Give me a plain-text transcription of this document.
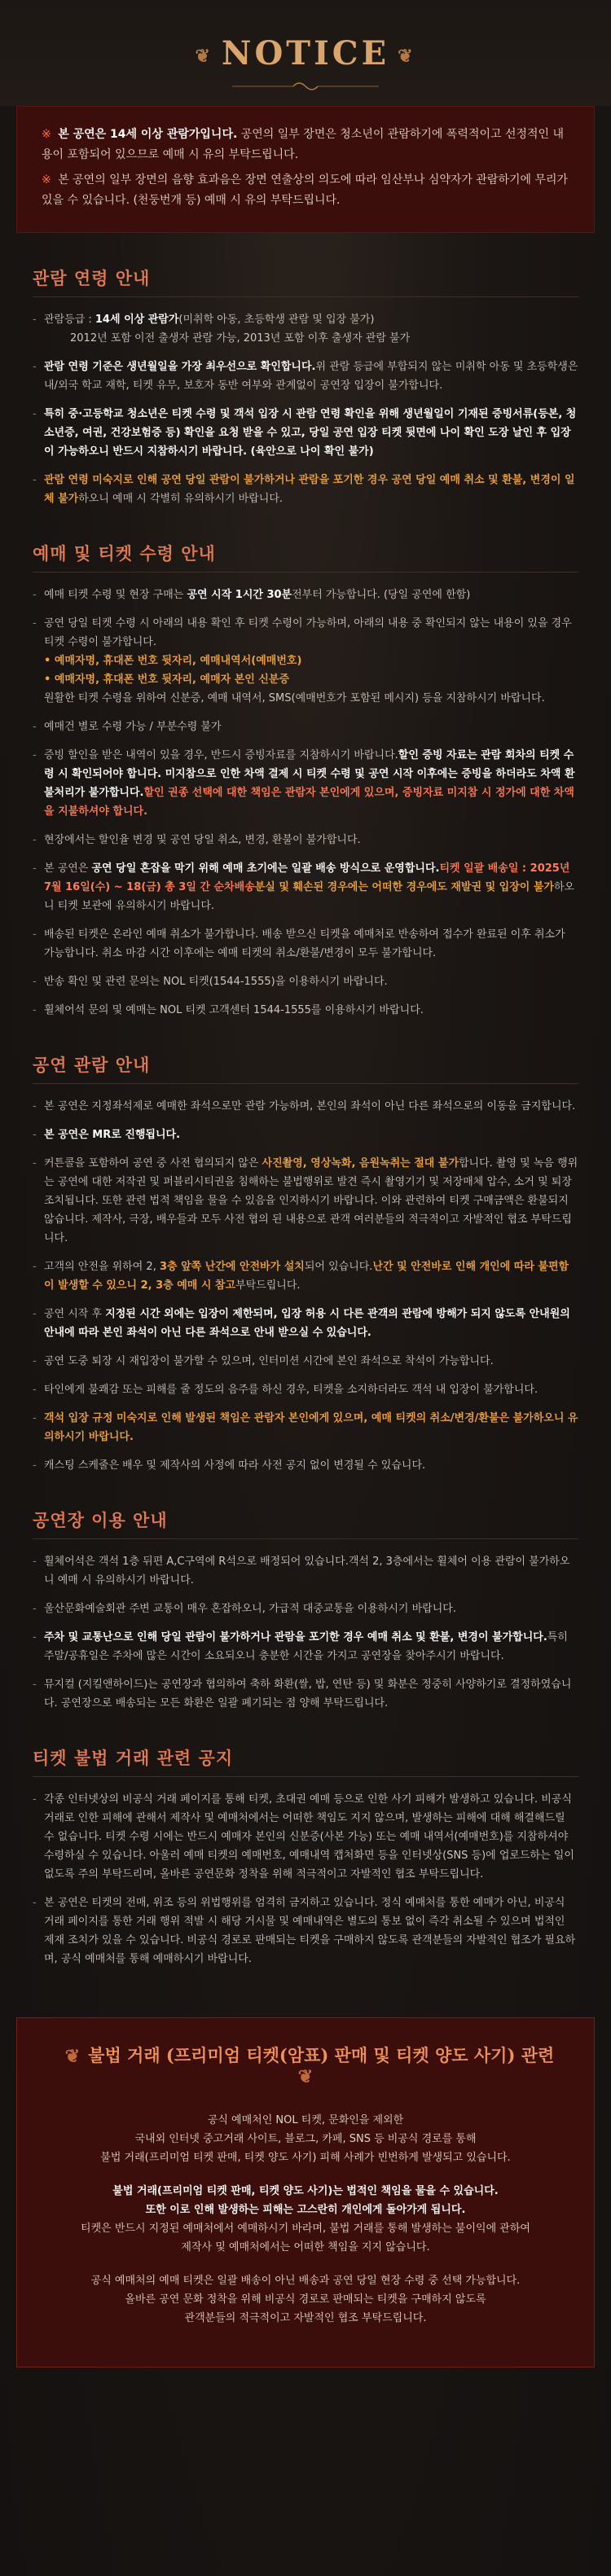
❦ NOTICE ❦

※ 본 공연은 14세 이상 관람가입니다. 공연의 일부 장면은 청소년이 관람하기에 폭력적이고 선정적인 내용이 포함되어 있으므로 예매 시 유의 부탁드립니다.

※ 본 공연의 일부 장면의 음향 효과음은 장면 연출상의 의도에 따라 임산부나 심약자가 관람하기에 무리가 있을 수 있습니다. (천둥번개 등) 예매 시 유의 부탁드립니다.

관람 연령 안내
- 관람등급 : 14세 이상 관람가(미취학 아동, 초등학생 관람 및 입장 불가)
2012년 포함 이전 출생자 관람 가능, 2013년 포함 이후 출생자 관람 불가
- 관람 연령 기준은 생년월일을 가장 최우선으로 확인합니다.위 관람 등급에 부합되지 않는 미취학 아동 및 초등학생은 내/외국 학교 재학, 티켓 유무, 보호자 동반 여부와 관계없이 공연장 입장이 불가합니다.
- 특히 중·고등학교 청소년은 티켓 수령 및 객석 입장 시 관람 연령 확인을 위해 생년월일이 기재된 증빙서류(등본, 청소년증, 여권, 건강보험증 등) 확인을 요청 받을 수 있고, 당일 공연 입장 티켓 뒷면에 나이 확인 도장 날인 후 입장이 가능하오니 반드시 지참하시기 바랍니다. (육안으로 나이 확인 불가)
- 관람 연령 미숙지로 인해 공연 당일 관람이 불가하거나 관람을 포기한 경우 공연 당일 예매 취소 및 환불, 변경이 일체 불가하오니 예매 시 각별히 유의하시기 바랍니다.
예매 및 티켓 수령 안내
- 예매 티켓 수령 및 현장 구매는 공연 시작 1시간 30분전부터 가능합니다. (당일 공연에 한함)
- 공연 당일 티켓 수령 시 아래의 내용 확인 후 티켓 수령이 가능하며, 아래의 내용 중 확인되지 않는 내용이 있을 경우 티켓 수령이 불가합니다.
• 예매자명, 휴대폰 번호 뒷자리, 예매내역서(예매번호)
• 예매자명, 휴대폰 번호 뒷자리, 예매자 본인 신분증
원활한 티켓 수령을 위하여 신분증, 예매 내역서, SMS(예매번호가 포함된 메시지) 등을 지참하시기 바랍니다.
- 예매건 별로 수령 가능 / 부분수령 불가
- 증빙 할인을 받은 내역이 있을 경우, 반드시 증빙자료를 지참하시기 바랍니다.할인 증빙 자료는 관람 회차의 티켓 수령 시 확인되어야 합니다. 미지참으로 인한 차액 결제 시 티켓 수령 및 공연 시작 이후에는 증빙을 하더라도 차액 환불처리가 불가합니다.할인 권종 선택에 대한 책임은 관람자 본인에게 있으며, 증빙자료 미지참 시 정가에 대한 차액을 지불하셔야 합니다.
- 현장에서는 할인율 변경 및 공연 당일 취소, 변경, 환불이 불가합니다.
- 본 공연은 공연 당일 혼잡을 막기 위해 예매 초기에는 일괄 배송 방식으로 운영합니다.티켓 일괄 배송일 : 2025년 7월 16일(수) ~ 18(금) 총 3일 간 순차배송분실 및 훼손된 경우에는 어떠한 경우에도 재발권 및 입장이 불가하오니 티켓 보관에 유의하시기 바랍니다.
- 배송된 티켓은 온라인 예매 취소가 불가합니다. 배송 받으신 티켓을 예매처로 반송하여 접수가 완료된 이후 취소가 가능합니다. 취소 마감 시간 이후에는 예매 티켓의 취소/환불/변경이 모두 불가합니다.
- 반송 확인 및 관련 문의는 NOL 티켓(1544-1555)을 이용하시기 바랍니다.
- 휠체어석 문의 및 예매는 NOL 티켓 고객센터 1544-1555를 이용하시기 바랍니다.
공연 관람 안내
- 본 공연은 지정좌석제로 예매한 좌석으로만 관람 가능하며, 본인의 좌석이 아닌 다른 좌석으로의 이동을 금지합니다.
- 본 공연은 MR로 진행됩니다.
- 커튼콜을 포함하여 공연 중 사전 협의되지 않은 사진촬영, 영상녹화, 음원녹취는 절대 불가합니다. 촬영 및 녹음 행위는 공연에 대한 저작권 및 퍼블리시티권을 침해하는 불법행위로 발견 즉시 촬영기기 및 저장매체 압수, 소거 및 퇴장 조치됩니다. 또한 관련 법적 책임을 물을 수 있음을 인지하시기 바랍니다. 이와 관련하여 티켓 구매금액은 환불되지 않습니다. 제작사, 극장, 배우들과 모두 사전 협의 된 내용으로 관객 여러분들의 적극적이고 자발적인 협조 부탁드립니다.
- 고객의 안전을 위하여 2, 3층 앞쪽 난간에 안전바가 설치되어 있습니다.난간 및 안전바로 인해 개인에 따라 불편함이 발생할 수 있으니 2, 3층 예매 시 참고부탁드립니다.
- 공연 시작 후 지정된 시간 외에는 입장이 제한되며, 입장 허용 시 다른 관객의 관람에 방해가 되지 않도록 안내원의 안내에 따라 본인 좌석이 아닌 다른 좌석으로 안내 받으실 수 있습니다.
- 공연 도중 퇴장 시 재입장이 불가할 수 있으며, 인터미션 시간에 본인 좌석으로 착석이 가능합니다.
- 타인에게 불쾌감 또는 피해를 줄 정도의 음주를 하신 경우, 티켓을 소지하더라도 객석 내 입장이 불가합니다.
- 객석 입장 규정 미숙지로 인해 발생된 책임은 관람자 본인에게 있으며, 예매 티켓의 취소/변경/환불은 불가하오니 유의하시기 바랍니다.
- 캐스팅 스케줄은 배우 및 제작사의 사정에 따라 사전 공지 없이 변경될 수 있습니다.
공연장 이용 안내
- 휠체어석은 객석 1층 뒤편 A,C구역에 R석으로 배정되어 있습니다.객석 2, 3층에서는 휠체어 이용 관람이 불가하오니 예매 시 유의하시기 바랍니다.
- 울산문화예술회관 주변 교통이 매우 혼잡하오니, 가급적 대중교통을 이용하시기 바랍니다.
- 주차 및 교통난으로 인해 당일 관람이 불가하거나 관람을 포기한 경우 예매 취소 및 환불, 변경이 불가합니다.특히 주말/공휴일은 주차에 많은 시간이 소요되오니 충분한 시간을 가지고 공연장을 찾아주시기 바랍니다.
- 뮤지컬 (지킬앤하이드)는 공연장과 협의하여 축하 화환(쌀, 밥, 연탄 등) 및 화분은 정중히 사양하기로 결정하였습니다. 공연장으로 배송되는 모든 화환은 일괄 폐기되는 점 양해 부탁드립니다.
티켓 불법 거래 관련 공지
- 각종 인터넷상의 비공식 거래 페이지를 통해 티켓, 초대권 예매 등으로 인한 사기 피해가 발생하고 있습니다. 비공식 거래로 인한 피해에 관해서 제작사 및 예매처에서는 어떠한 책임도 지지 않으며, 발생하는 피해에 대해 해결해드릴 수 없습니다. 티켓 수령 시에는 반드시 예매자 본인의 신분증(사본 가능) 또는 예매 내역서(예매번호)를 지참하셔야 수령하실 수 있습니다. 아울러 예매 티켓의 예매번호, 예매내역 캡처화면 등을 인터넷상(SNS 등)에 업로드하는 일이 없도록 주의 부탁드리며, 올바른 공연문화 정착을 위해 적극적이고 자발적인 협조 부탁드립니다.
- 본 공연은 티켓의 전매, 위조 등의 위법행위를 엄격히 금지하고 있습니다. 정식 예매처를 통한 예매가 아닌, 비공식 거래 페이지를 통한 거래 행위 적발 시 해당 거시물 및 예매내역은 별도의 통보 없이 즉각 취소될 수 있으며 법적인 제재 조치가 있을 수 있습니다. 비공식 경로로 판매되는 티켓을 구매하지 않도록 관객분들의 자발적인 협조가 필요하며, 공식 예매처를 통해 예매하시기 바랍니다.
❦ 불법 거래 (프리미엄 티켓(암표) 판매 및 티켓 양도 사기) 관련❦

공식 예매처인 NOL 티켓, 문화인을 제외한
국내외 인터넷 중고거래 사이트, 블로그, 카페, SNS 등 비공식 경로를 통해
불법 거래(프리미엄 티켓 판매, 티켓 양도 사기) 피해 사례가 빈번하게 발생되고 있습니다.

불법 거래(프리미엄 티켓 판매, 티켓 양도 사기)는 법적인 책임을 물을 수 있습니다.
또한 이로 인해 발생하는 피해는 고스란히 개인에게 돌아가게 됩니다.
티켓은 반드시 지정된 예매처에서 예매하시기 바라며, 불법 거래를 통해 발생하는 불이익에 관하여
제작사 및 예매처에서는 어떠한 책임을 지지 않습니다.

공식 예매처의 예매 티켓은 일괄 배송이 아닌 배송과 공연 당일 현장 수령 중 선택 가능합니다.
올바른 공연 문화 정착을 위해 비공식 경로로 판매되는 티켓을 구매하지 않도록
관객분들의 적극적이고 자발적인 협조 부탁드립니다.
